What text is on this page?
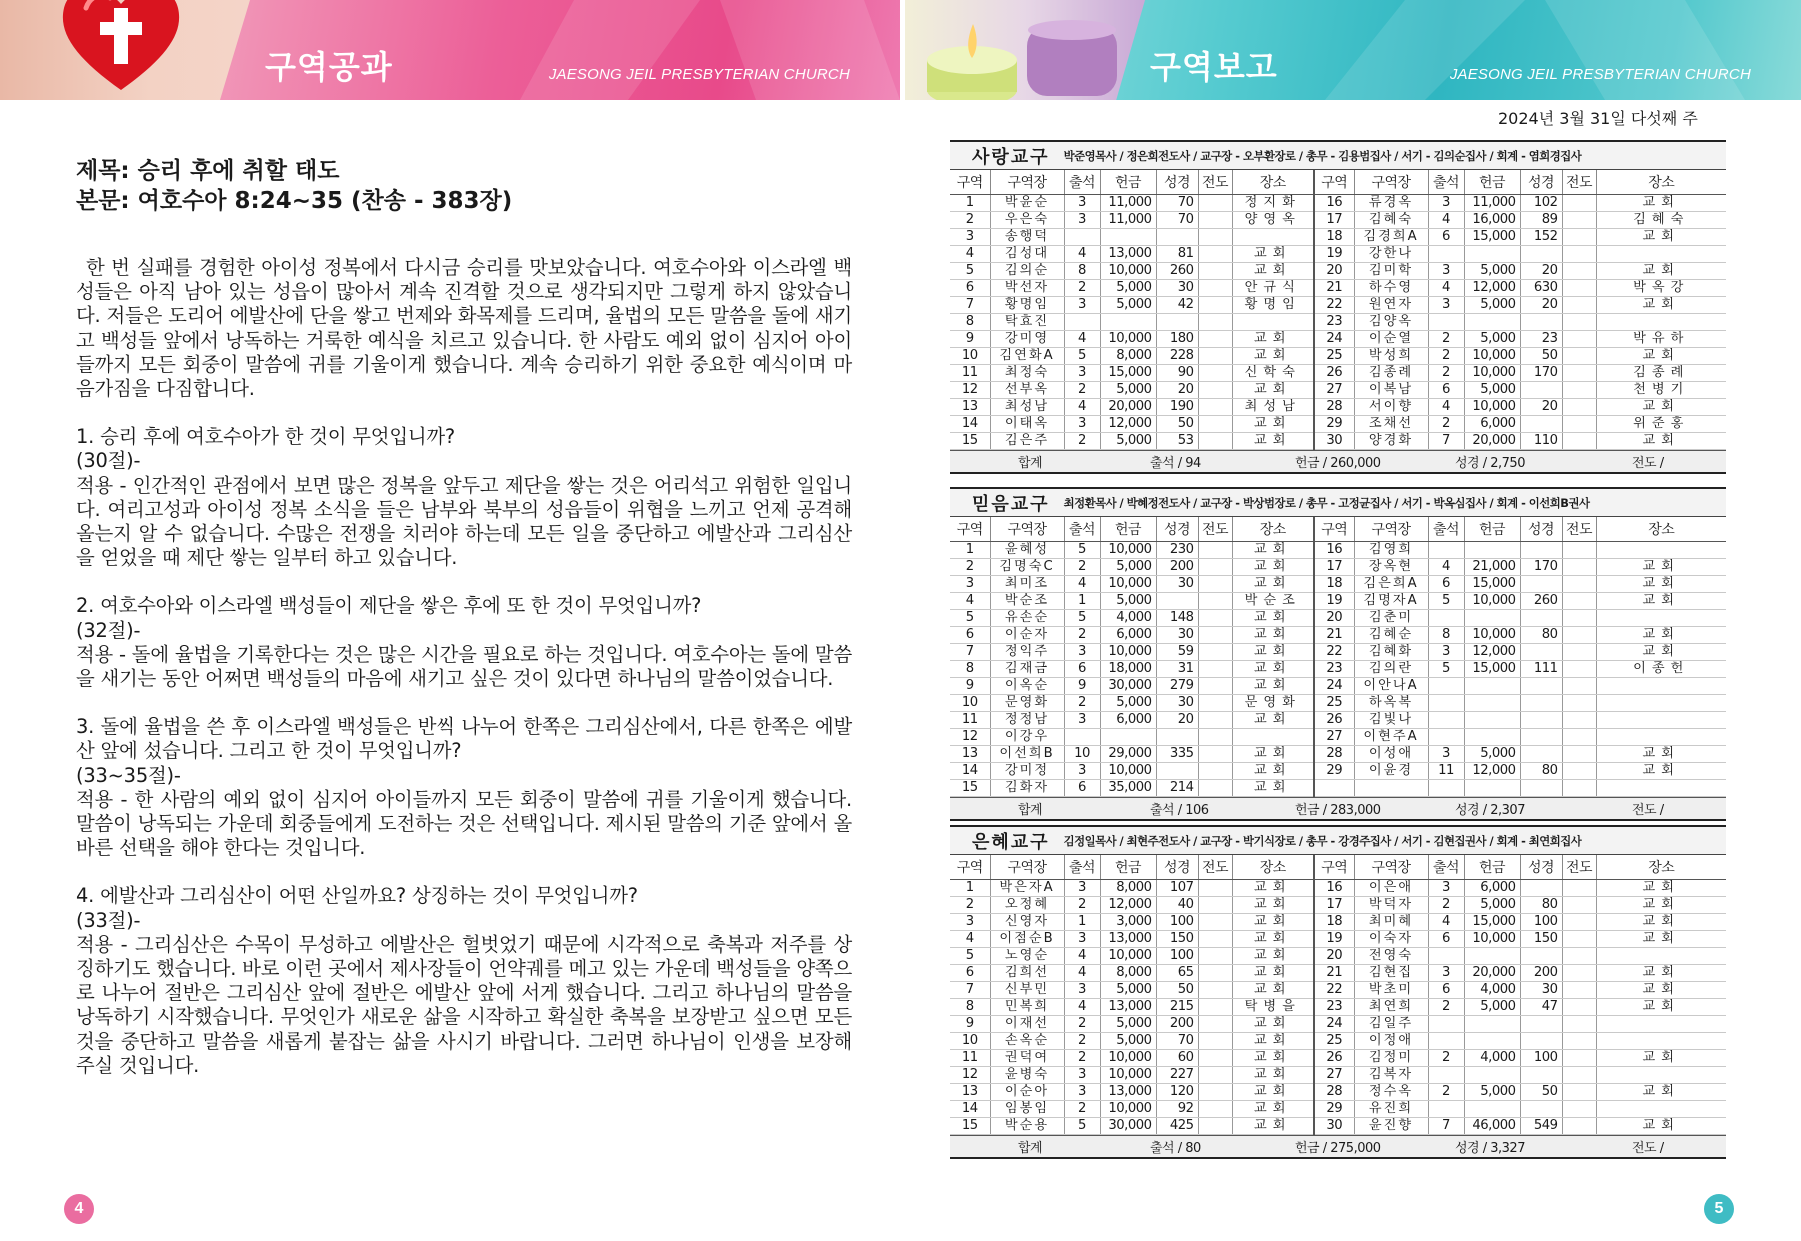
구역공과	JAESONG JEIL PRESBYTERIAN CHURCH	구역보고	JAESONG JEIL PRESBYTERIAN CHURCH
제목: 승리 후에 취할 태도
본문: 여호수아 8:24~35 (찬송 - 383장)

한 번 실패를 경험한 아이성 정복에서 다시금 승리를 맛보았습니다. 여호수아와 이스라엘 백성들은 아직 남아 있는 성읍이 많아서 계속 진격할 것으로 생각되지만 그렇게 하지 않았습니다. 저들은 도리어 에발산에 단을 쌓고 번제와 화목제를 드리며, 율법의 모든 말씀을 돌에 새기고 백성들 앞에서 낭독하는 거룩한 예식을 치르고 있습니다. 한 사람도 예외 없이 심지어 아이들까지 모든 회중이 말씀에 귀를 기울이게 했습니다. 계속 승리하기 위한 중요한 예식이며 마음가짐을 다짐합니다.

1. 승리 후에 여호수아가 한 것이 무엇입니까?
(30절)-
적용 - 인간적인 관점에서 보면 많은 정복을 앞두고 제단을 쌓는 것은 어리석고 위험한 일입니다. 여리고성과 아이성 정복 소식을 들은 남부와 북부의 성읍들이 위협을 느끼고 언제 공격해 올는지 알 수 없습니다. 수많은 전쟁을 치러야 하는데 모든 일을 중단하고 에발산과 그리심산을 얻었을 때 제단 쌓는 일부터 하고 있습니다.
2. 여호수아와 이스라엘 백성들이 제단을 쌓은 후에 또 한 것이 무엇입니까?
(32절)-
적용 - 돌에 율법을 기록한다는 것은 많은 시간을 필요로 하는 것입니다. 여호수아는 돌에 말씀을 새기는 동안 어쩌면 백성들의 마음에 새기고 싶은 것이 있다면 하나님의 말씀이었습니다.
3. 돌에 율법을 쓴 후 이스라엘 백성들은 반씩 나누어 한쪽은 그리심산에서, 다른 한쪽은 에발산 앞에 섰습니다. 그리고 한 것이 무엇입니까?
(33~35절)-
적용 - 한 사람의 예외 없이 심지어 아이들까지 모든 회중이 말씀에 귀를 기울이게 했습니다. 말씀이 낭독되는 가운데 회중들에게 도전하는 것은 선택입니다. 제시된 말씀의 기준 앞에서 올바른 선택을 해야 한다는 것입니다.
4. 에발산과 그리심산이 어떤 산일까요? 상징하는 것이 무엇입니까?
(33절)-
적용 - 그리심산은 수목이 무성하고 에발산은 헐벗었기 때문에 시각적으로 축복과 저주를 상징하기도 했습니다. 바로 이런 곳에서 제사장들이 언약궤를 메고 있는 가운데 백성들을 양쪽으로 나누어 절반은 그리심산 앞에 절반은 에발산 앞에 서게 했습니다. 그리고 하나님의 말씀을 낭독하기 시작했습니다. 무엇인가 새로운 삶을 시작하고 확실한 축복을 보장받고 싶으면 모든 것을 중단하고 말씀을 새롭게 붙잡는 삶을 사시기 바랍니다. 그러면 하나님이 인생을 보장해 주실 것입니다.
4
2024년 3월 31일 다섯째 주
사랑교구 박준영목사 / 정은희전도사 / 교구장 - 오부환장로 / 총무 - 김용범집사 / 서기 - 김의순집사 / 회계 - 염희경집사
구역	구역장	출석	헌금	성경	전도	장소	구역	구역장	출석	헌금	성경	전도	장소
1	박윤순	3	11,000	70		정지화	16	류경옥	3	11,000	102		교회
2	우은숙	3	11,000	70		양영옥	17	김혜숙	4	16,000	89		김혜숙
3	송행덕						18	김경희A	6	15,000	152		교회
4	김성대	4	13,000	81		교회	19	강한나					
5	김의순	8	10,000	260		교회	20	김미학	3	5,000	20		교회
6	박선자	2	5,000	30		안규식	21	하수영	4	12,000	630		박옥강
7	황명임	3	5,000	42		황명임	22	원연자	3	5,000	20		교회
8	탁효진						23	김양옥					
9	강미영	4	10,000	180		교회	24	이순열	2	5,000	23		박유하
10	김연화A	5	8,000	228		교회	25	박성희	2	10,000	50		교회
11	최정숙	3	15,000	90		신학숙	26	김종례	2	10,000	170		김종례
12	선부옥	2	5,000	20		교회	27	이복남	6	5,000			천병기
13	최성남	4	20,000	190		최성남	28	서이향	4	10,000	20		교회
14	이태옥	3	12,000	50		교회	29	조채선	2	6,000			위준홍
15	김은주	2	5,000	53		교회	30	양경화	7	20,000	110		교회
합계	출석 / 94	헌금 / 260,000	성경 / 2,750	전도 /
믿음교구 최정환목사 / 박혜정전도사 / 교구장 - 박상범장로 / 총무 - 고정균집사 / 서기 - 박옥심집사 / 회계 - 이선희B권사
구역	구역장	출석	헌금	성경	전도	장소	구역	구역장	출석	헌금	성경	전도	장소
1	윤혜성	5	10,000	230		교회	16	김영희					
2	김명숙C	2	5,000	200		교회	17	장옥현	4	21,000	170		교회
3	최미조	4	10,000	30		교회	18	김은희A	6	15,000			교회
4	박순조	1	5,000			박순조	19	김명자A	5	10,000	260		교회
5	유손순	5	4,000	148		교회	20	김춘미					
6	이순자	2	6,000	30		교회	21	김혜순	8	10,000	80		교회
7	정익주	3	10,000	59		교회	22	김혜화	3	12,000			교회
8	김재금	6	18,000	31		교회	23	김의란	5	15,000	111		이종헌
9	이옥순	9	30,000	279		교회	24	이안나A					
10	문영화	2	5,000	30		문영화	25	하옥복					
11	정정남	3	6,000	20		교회	26	김빛나					
12	이강우						27	이현주A					
13	이선희B	10	29,000	335		교회	28	이성애	3	5,000			교회
14	강미정	3	10,000			교회	29	이윤경	11	12,000	80		교회
15	김화자	6	35,000	214		교회							
합계	출석 / 106	헌금 / 283,000	성경 / 2,307	전도 /
은혜교구 김정일목사 / 최현주전도사 / 교구장 - 박기식장로 / 총무 - 강경주집사 / 서기 - 김현집권사 / 회계 - 최연희집사
구역	구역장	출석	헌금	성경	전도	장소	구역	구역장	출석	헌금	성경	전도	장소
1	박은자A	3	8,000	107		교회	16	이은애	3	6,000			교회
2	오정혜	2	12,000	40		교회	17	박덕자	2	5,000	80		교회
3	신영자	1	3,000	100		교회	18	최미혜	4	15,000	100		교회
4	이점순B	3	13,000	150		교회	19	이숙자	6	10,000	150		교회
5	노영순	4	10,000	100		교회	20	전영숙					
6	김희선	4	8,000	65		교회	21	김현집	3	20,000	200		교회
7	신부민	3	5,000	50		교회	22	박초미	6	4,000	30		교회
8	민복희	4	13,000	215		탁병을	23	최연희	2	5,000	47		교회
9	이재선	2	5,000	200		교회	24	김일주					
10	손옥순	2	5,000	70		교회	25	이정애					
11	권덕여	2	10,000	60		교회	26	김정미	2	4,000	100		교회
12	윤병숙	3	10,000	227		교회	27	김복자					
13	이순아	3	13,000	120		교회	28	정수옥	2	5,000	50		교회
14	임봉임	2	10,000	92		교회	29	유진희					
15	박순용	5	30,000	425		교회	30	윤진향	7	46,000	549		교회
합계	출석 / 80	헌금 / 275,000	성경 / 3,327	전도 /
5
